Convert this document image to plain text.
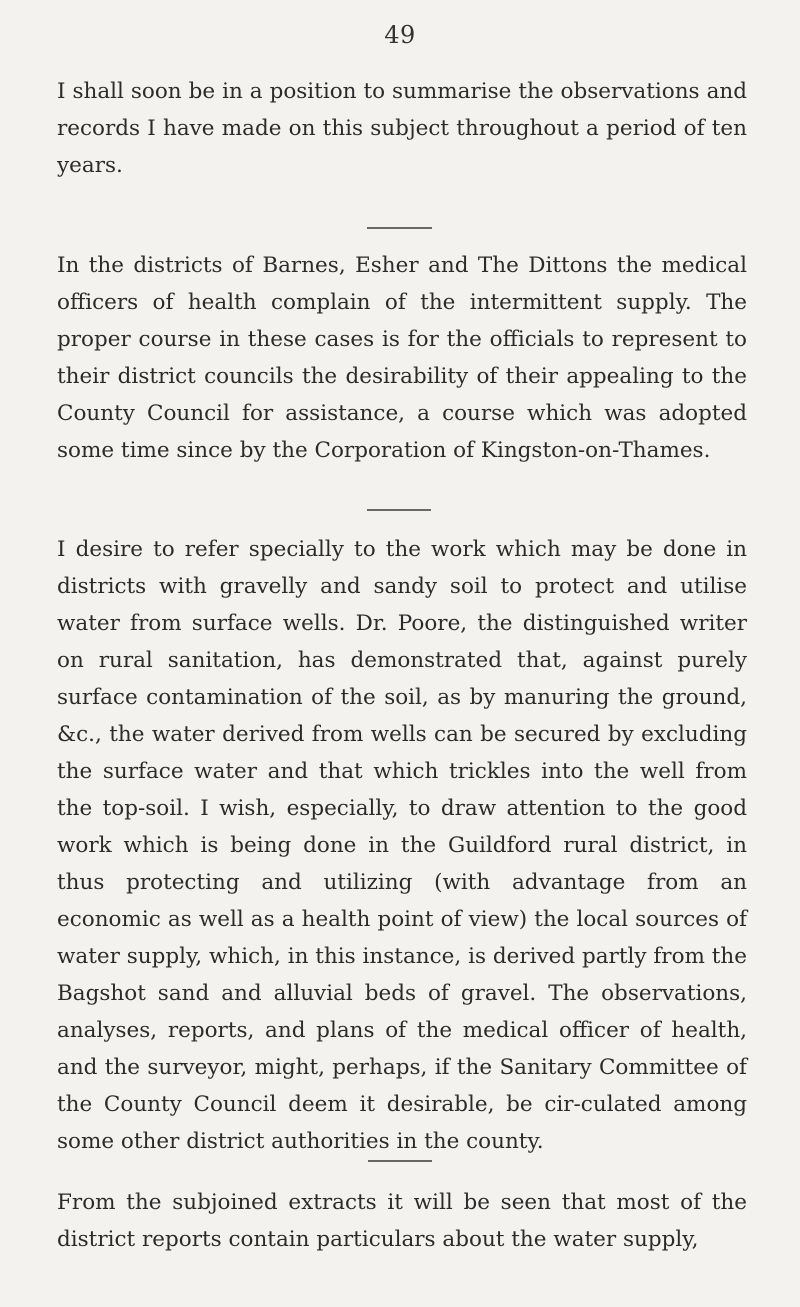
49

I shall soon be in a position to summarise the observations and records I have made on this subject throughout a period of ten years.

In the districts of Barnes, Esher and The Dittons the medical officers of health complain of the intermittent supply. The proper course in these cases is for the officials to represent to their district councils the desirability of their appealing to the County Council for assistance, a course which was adopted some time since by the Corporation of Kingston-on-Thames.

I desire to refer specially to the work which may be done in districts with gravelly and sandy soil to protect and utilise water from surface wells. Dr. Poore, the distinguished writer on rural sanitation, has demonstrated that, against purely surface contamination of the soil, as by manuring the ground, &c., the water derived from wells can be secured by excluding the surface water and that which trickles into the well from the top-soil. I wish, especially, to draw attention to the good work which is being done in the Guildford rural district, in thus protecting and utilizing (with advantage from an economic as well as a health point of view) the local sources of water supply, which, in this instance, is derived partly from the Bagshot sand and alluvial beds of gravel. The observations, analyses, reports, and plans of the medical officer of health, and the surveyor, might, perhaps, if the Sanitary Committee of the County Council deem it desirable, be cir-culated among some other district authorities in the county.

From the subjoined extracts it will be seen that most of the district reports contain particulars about the water supply,
